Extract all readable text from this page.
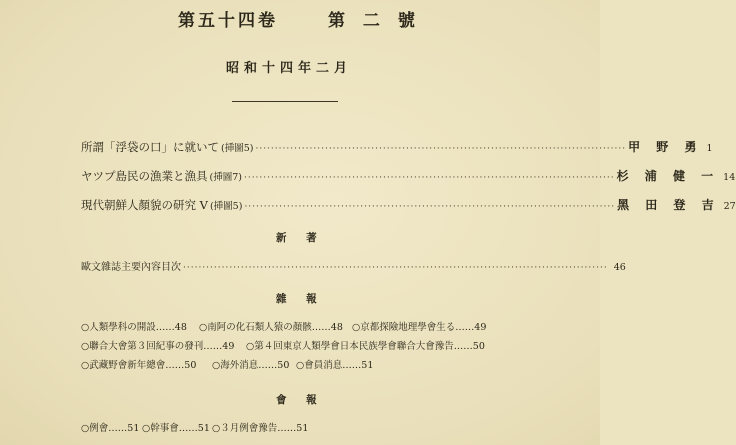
第五十四卷	第 二 號
昭和十四年二月
所謂「浮袋の口」に就いて (挿圖5) ································································································ 甲 野 勇 1
ヤツプ島民の漁業と漁具 (挿圖7) ································································································ 杉 浦 健 一 14
現代朝鮮人顏貌の研究 V (挿圖5) ································································································ 黑 田 登 吉 27
新 著
歐文雜誌主要內容目次 ·············································································································· 46
雜 報
○人類學科の開設……48 ○南阿の化石類人猿の顏骸……48 ○京都探險地理學會生る……49
○聯合大會第３回紀事の發刊……49 ○第４回東京人類學會日本民族學會聯合大會豫告……50
○武藏野會新年總會……50 ○海外消息……50 ○會員消息……51
會 報
○例會……51 ○幹事會……51 ○３月例會豫告……51
